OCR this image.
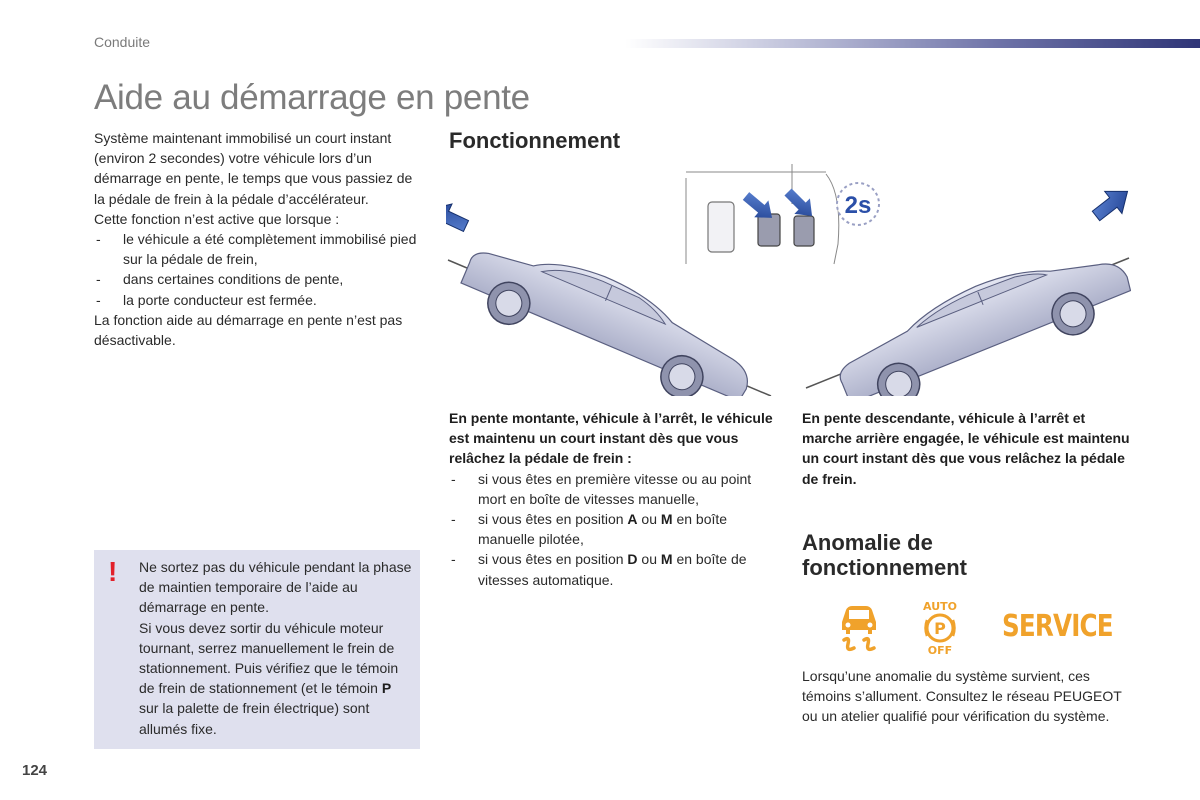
Conduite
Aide au démarrage en pente

Système maintenant immobilisé un court instant (environ 2 secondes) votre véhicule lors d’un démarrage en pente, le temps que vous passiez de la pédale de frein à la pédale d’accélérateur.

Cette fonction n’est active que lorsque :

- le véhicule a été complètement immobilisé pied sur la pédale de frein,
- dans certaines conditions de pente,
- la porte conducteur est fermée.

La fonction aide au démarrage en pente n’est pas désactivable.

Fonctionnement
2s

En pente montante, véhicule à l’arrêt, le véhicule est maintenu un court instant dès que vous relâchez la pédale de frein :

- si vous êtes en première vitesse ou au point mort en boîte de vitesses manuelle,
- si vous êtes en position A ou M en boîte manuelle pilotée,
- si vous êtes en position D ou M en boîte de vitesses automatique.

En pente descendante, véhicule à l’arrêt et marche arrière engagée, le véhicule est maintenu un court instant dès que vous relâchez la pédale de frein.

! Ne sortez pas du véhicule pendant la phase de maintien temporaire de l’aide au démarrage en pente.

Si vous devez sortir du véhicule moteur tournant, serrez manuellement le frein de stationnement. Puis vérifiez que le témoin de frein de stationnement (et le témoin P sur la palette de frein électrique) sont allumés fixe.

Anomalie de fonctionnement
AUTO
P
OFF
SERVICE

Lorsqu’une anomalie du système survient, ces témoins s’allument. Consultez le réseau PEUGEOT ou un atelier qualifié pour vérification du système.

124
